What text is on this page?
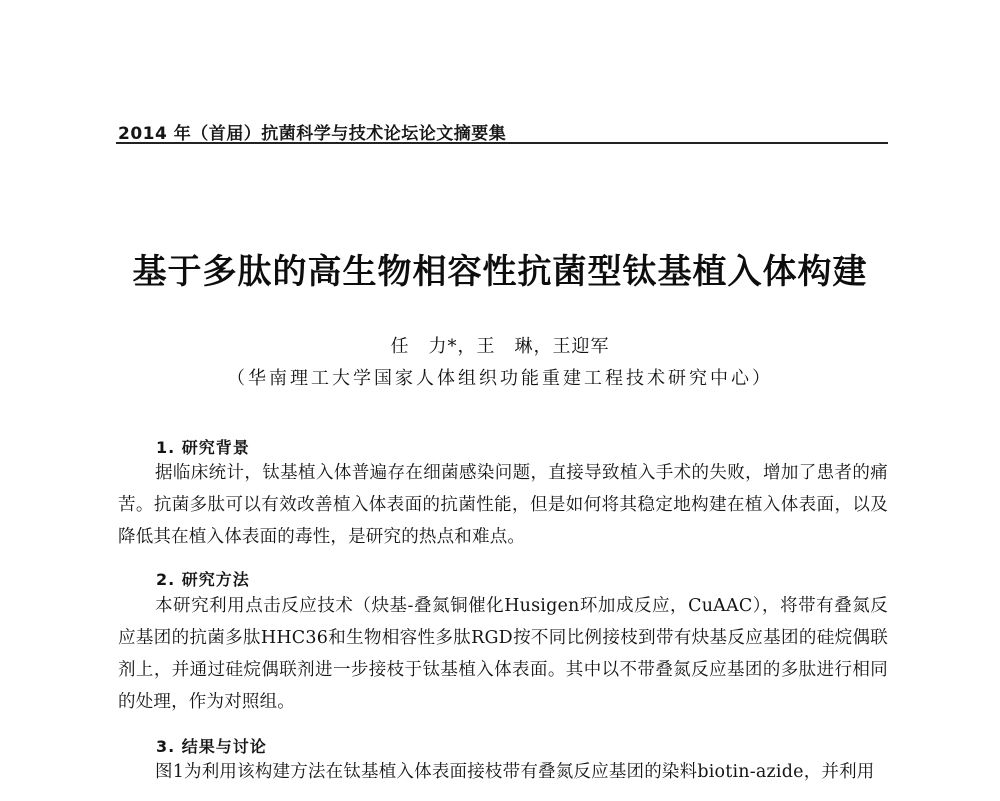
2014 年（首届）抗菌科学与技术论坛论文摘要集
基于多肽的高生物相容性抗菌型钛基植入体构建
任　力*，王　琳，王迎军
（华南理工大学国家人体组织功能重建工程技术研究中心）
1. 研究背景

据临床统计，钛基植入体普遍存在细菌感染问题，直接导致植入手术的失败，增加了患者的痛苦。抗菌多肽可以有效改善植入体表面的抗菌性能，但是如何将其稳定地构建在植入体表面，以及降低其在植入体表面的毒性，是研究的热点和难点。

2. 研究方法

本研究利用点击反应技术（炔基-叠氮铜催化Husigen环加成反应，CuAAC），将带有叠氮反应基团的抗菌多肽HHC36和生物相容性多肽RGD按不同比例接枝到带有炔基反应基团的硅烷偶联剂上，并通过硅烷偶联剂进一步接枝于钛基植入体表面。其中以不带叠氮反应基团的多肽进行相同的处理，作为对照组。

3. 结果与讨论

图1为利用该构建方法在钛基植入体表面接枝带有叠氮反应基团的染料biotin-azide，并利用
